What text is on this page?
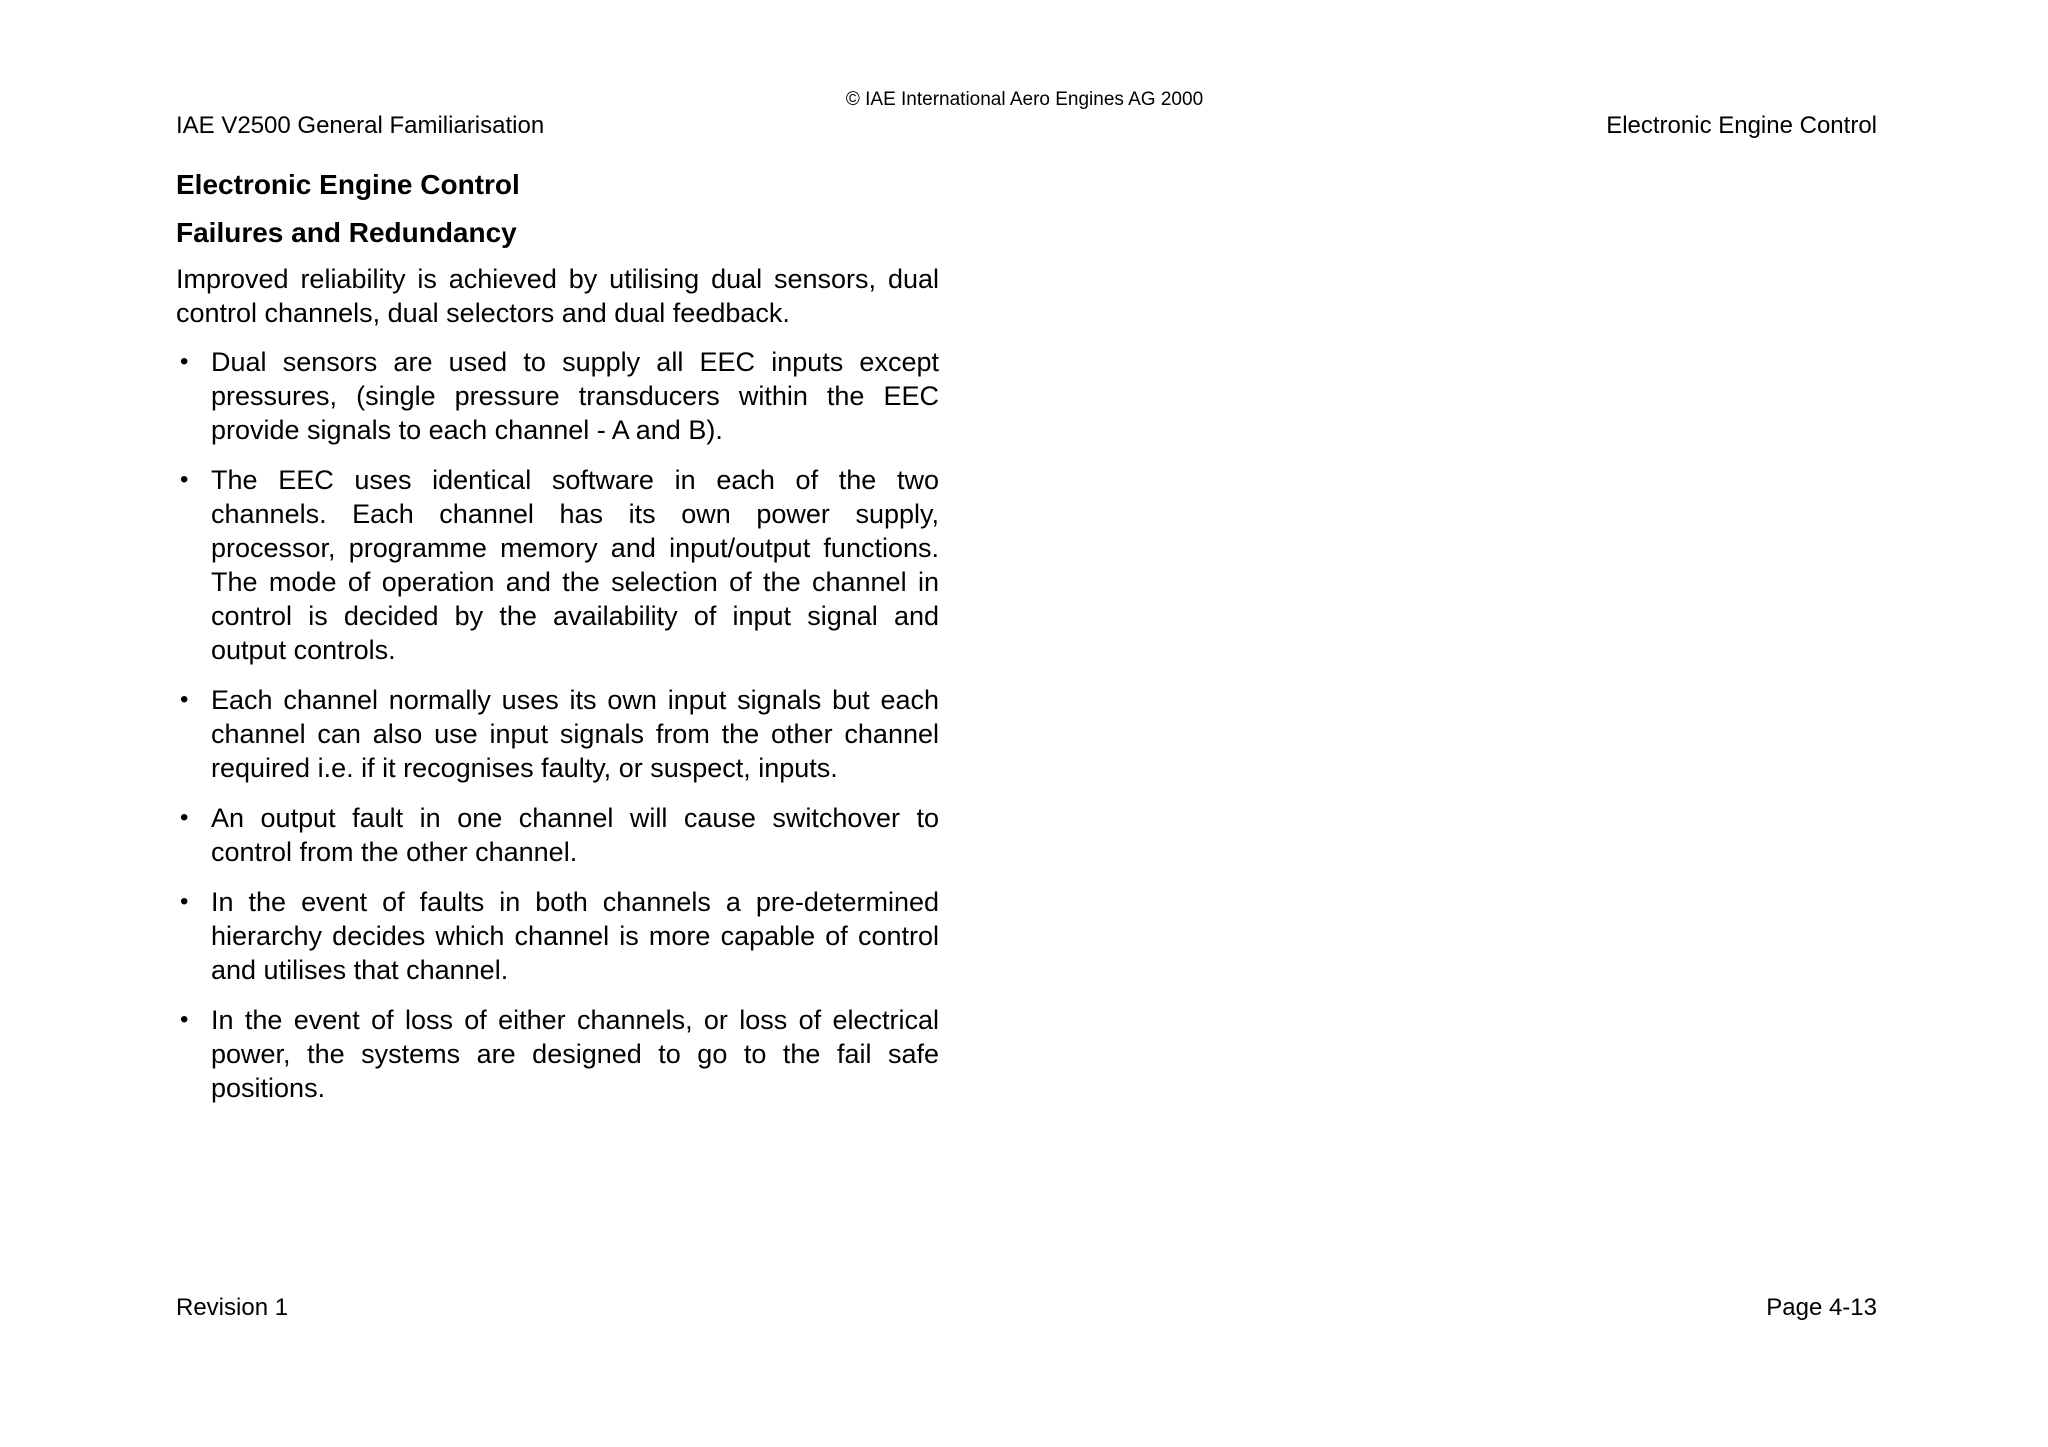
© IAE International Aero Engines AG 2000
IAE V2500 General Familiarisation	Electronic Engine Control
Electronic Engine Control
Failures and Redundancy

Improved reliability is achieved by utilising dual sensors, dual control channels, dual selectors and dual feedback.

• Dual sensors are used to supply all EEC inputs except pressures, (single pressure transducers within the EEC provide signals to each channel - A and B).
• The EEC uses identical software in each of the two channels. Each channel has its own power supply, processor, programme memory and input/output functions. The mode of operation and the selection of the channel in control is decided by the availability of input signal and output controls.
• Each channel normally uses its own input signals but each channel can also use input signals from the other channel required i.e. if it recognises faulty, or suspect, inputs.
• An output fault in one channel will cause switchover to control from the other channel.
• In the event of faults in both channels a pre-determined hierarchy decides which channel is more capable of control and utilises that channel.
• In the event of loss of either channels, or loss of electrical power, the systems are designed to go to the fail safe positions.
Revision 1	Page 4-13
